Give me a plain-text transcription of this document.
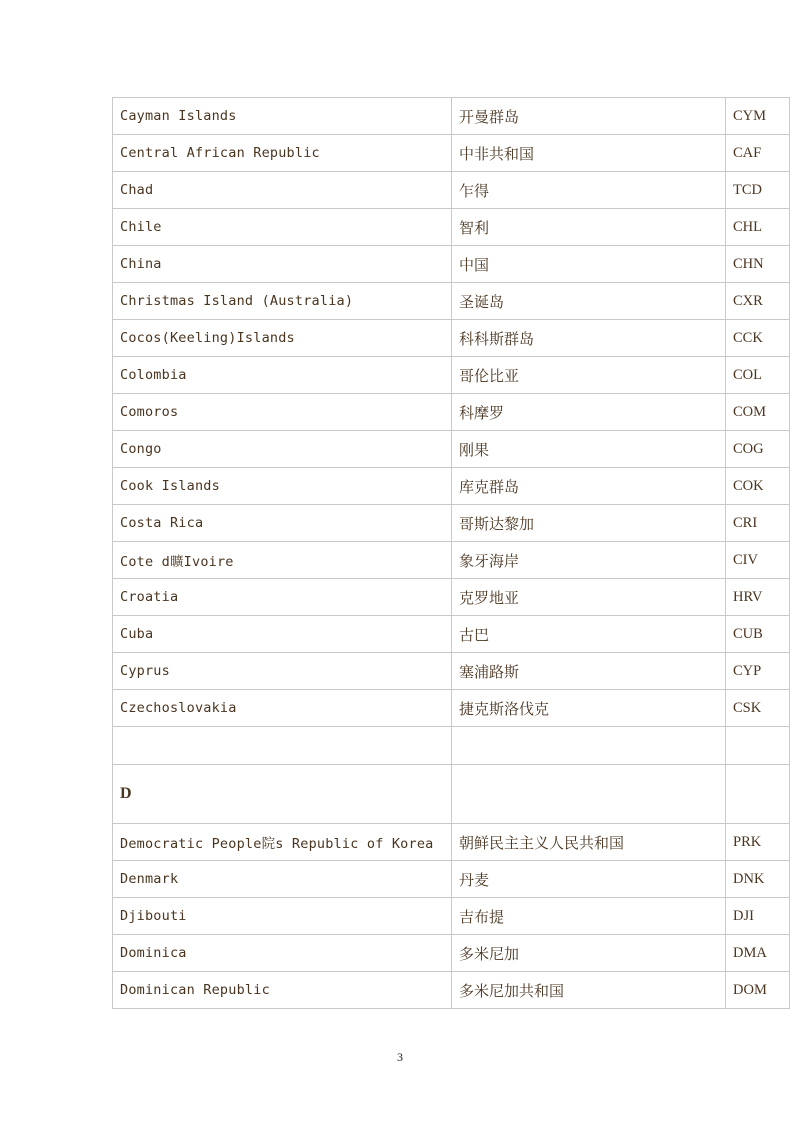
Cayman Islands	开曼群岛	CYM
Central African Republic	中非共和国	CAF
Chad	乍得	TCD
Chile	智利	CHL
China	中国	CHN
Christmas Island (Australia)	圣诞岛	CXR
Cocos(Keeling)Islands	科科斯群岛	CCK
Colombia	哥伦比亚	COL
Comoros	科摩罗	COM
Congo	刚果	COG
Cook Islands	库克群岛	COK
Costa Rica	哥斯达黎加	CRI
Cote d曠Ivoire	象牙海岸	CIV
Croatia	克罗地亚	HRV
Cuba	古巴	CUB
Cyprus	塞浦路斯	CYP
Czechoslovakia	捷克斯洛伐克	CSK

D		
Democratic People院s Republic of Korea	朝鲜民主主义人民共和国	PRK
Denmark	丹麦	DNK
Djibouti	吉布提	DJI
Dominica	多米尼加	DMA
Dominican Republic	多米尼加共和国	DOM
3
